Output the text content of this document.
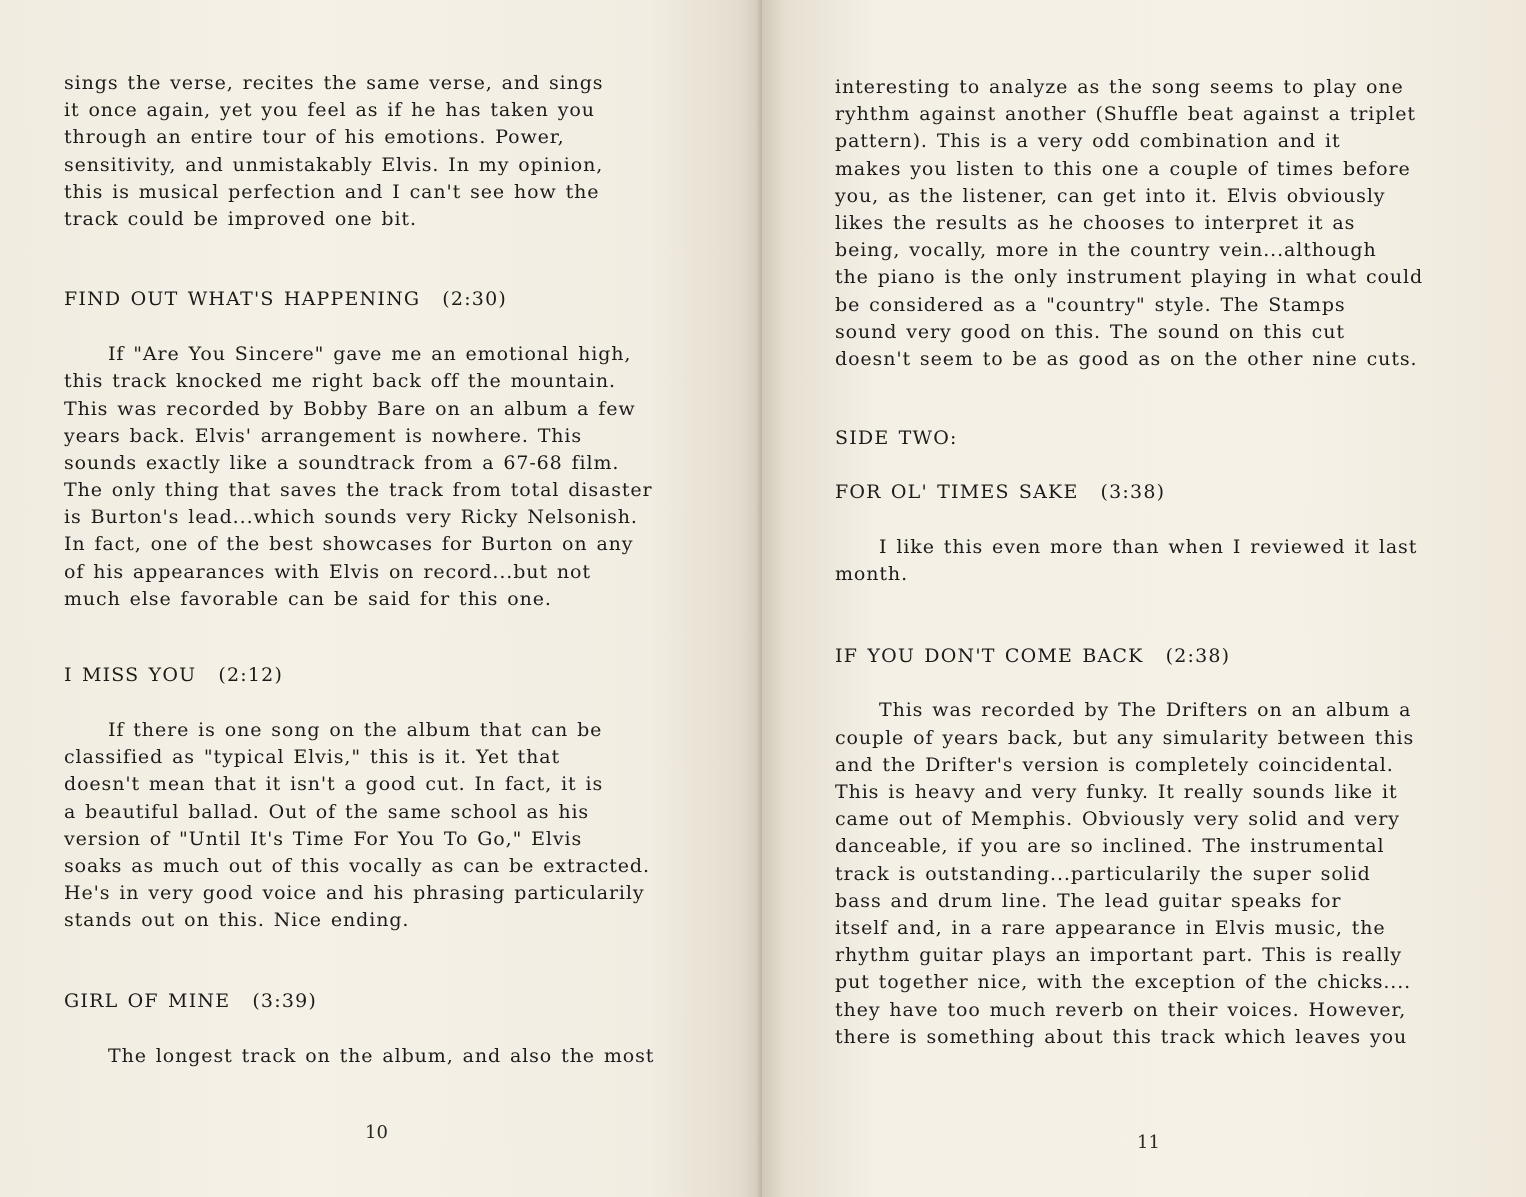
sings the verse, recites the same verse, and sings
it once again, yet you feel as if he has taken you
through an entire tour of his emotions. Power,
sensitivity, and unmistakably Elvis. In my opinion,
this is musical perfection and I can't see how the
track could be improved one bit.
FIND OUT WHAT'S HAPPENING (2:30)
If "Are You Sincere" gave me an emotional high,
this track knocked me right back off the mountain.
This was recorded by Bobby Bare on an album a few
years back. Elvis' arrangement is nowhere. This
sounds exactly like a soundtrack from a 67-68 film.
The only thing that saves the track from total disaster
is Burton's lead...which sounds very Ricky Nelsonish.
In fact, one of the best showcases for Burton on any
of his appearances with Elvis on record...but not
much else favorable can be said for this one.
I MISS YOU (2:12)
If there is one song on the album that can be
classified as "typical Elvis," this is it. Yet that
doesn't mean that it isn't a good cut. In fact, it is
a beautiful ballad. Out of the same school as his
version of "Until It's Time For You To Go," Elvis
soaks as much out of this vocally as can be extracted.
He's in very good voice and his phrasing particularily
stands out on this. Nice ending.
GIRL OF MINE (3:39)
The longest track on the album, and also the most
10
interesting to analyze as the song seems to play one
ryhthm against another (Shuffle beat against a triplet
pattern). This is a very odd combination and it
makes you listen to this one a couple of times before
you, as the listener, can get into it. Elvis obviously
likes the results as he chooses to interpret it as
being, vocally, more in the country vein...although
the piano is the only instrument playing in what could
be considered as a "country" style. The Stamps
sound very good on this. The sound on this cut
doesn't seem to be as good as on the other nine cuts.
SIDE TWO:
FOR OL' TIMES SAKE (3:38)
I like this even more than when I reviewed it last
month.
IF YOU DON'T COME BACK (2:38)
This was recorded by The Drifters on an album a
couple of years back, but any simularity between this
and the Drifter's version is completely coincidental.
This is heavy and very funky. It really sounds like it
came out of Memphis. Obviously very solid and very
danceable, if you are so inclined. The instrumental
track is outstanding...particularily the super solid
bass and drum line. The lead guitar speaks for
itself and, in a rare appearance in Elvis music, the
rhythm guitar plays an important part. This is really
put together nice, with the exception of the chicks....
they have too much reverb on their voices. However,
there is something about this track which leaves you
11
